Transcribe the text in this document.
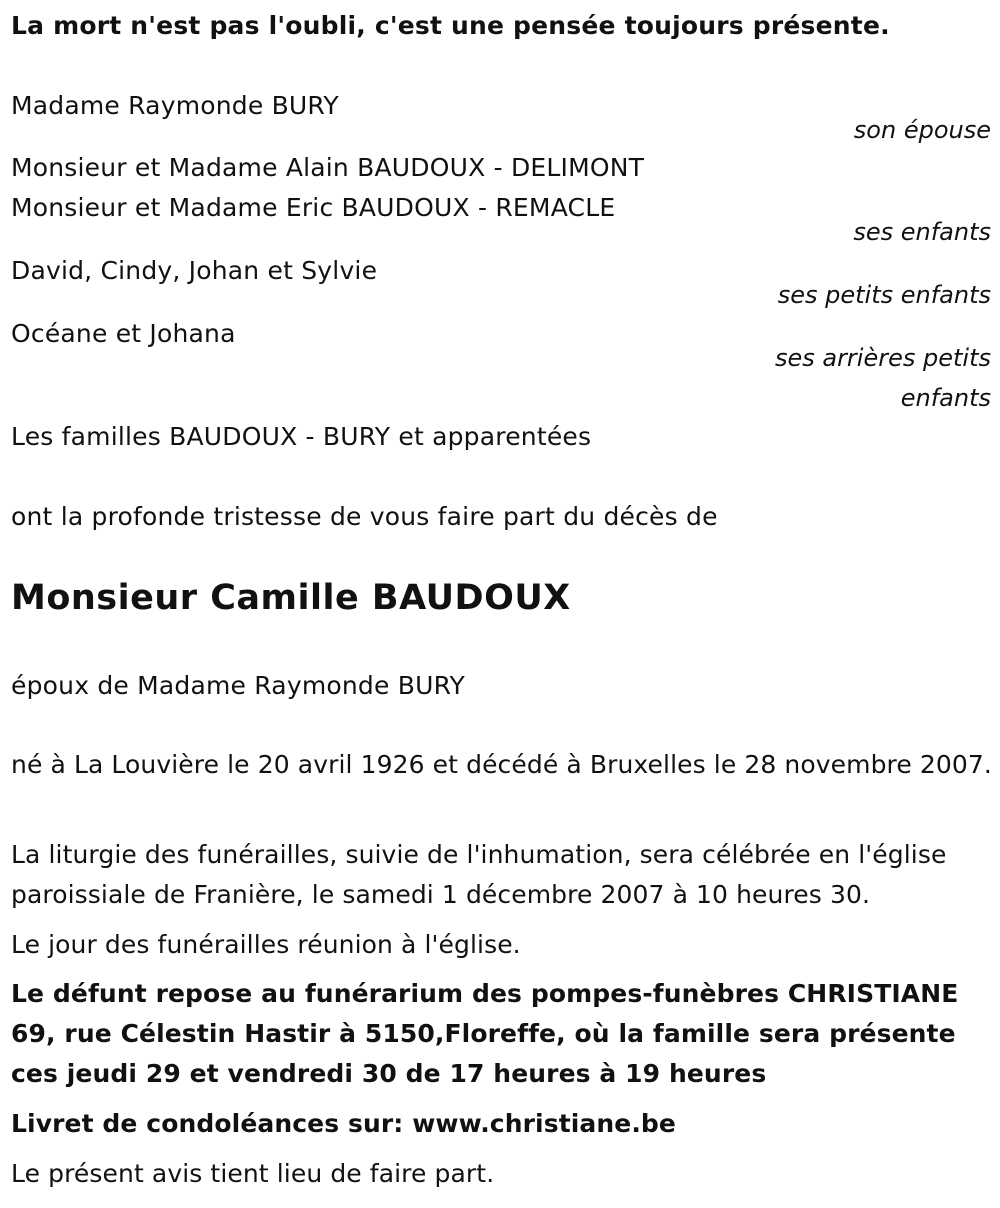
La mort n'est pas l'oubli, c'est une pensée toujours présente.
Madame Raymonde BURY
son épouse
Monsieur et Madame Alain BAUDOUX - DELIMONT
Monsieur et Madame Eric BAUDOUX - REMACLE
ses enfants
David, Cindy, Johan et Sylvie
ses petits enfants
Océane et Johana
ses arrières petits enfants
Les familles BAUDOUX - BURY et apparentées
ont la profonde tristesse de vous faire part du décès de
Monsieur Camille BAUDOUX
époux de Madame Raymonde BURY
né à La Louvière le 20 avril 1926 et décédé à Bruxelles le 28 novembre 2007.
La liturgie des funérailles, suivie de l'inhumation, sera célébrée en l'église paroissiale de Franière, le samedi 1 décembre 2007 à 10 heures 30.
Le jour des funérailles réunion à l'église.
Le défunt repose au funérarium des pompes-funèbres CHRISTIANE 69, rue Célestin Hastir à 5150,Floreffe, où la famille sera présente ces jeudi 29 et vendredi 30 de 17 heures à 19 heures
Livret de condoléances sur: www.christiane.be
Le présent avis tient lieu de faire part.
